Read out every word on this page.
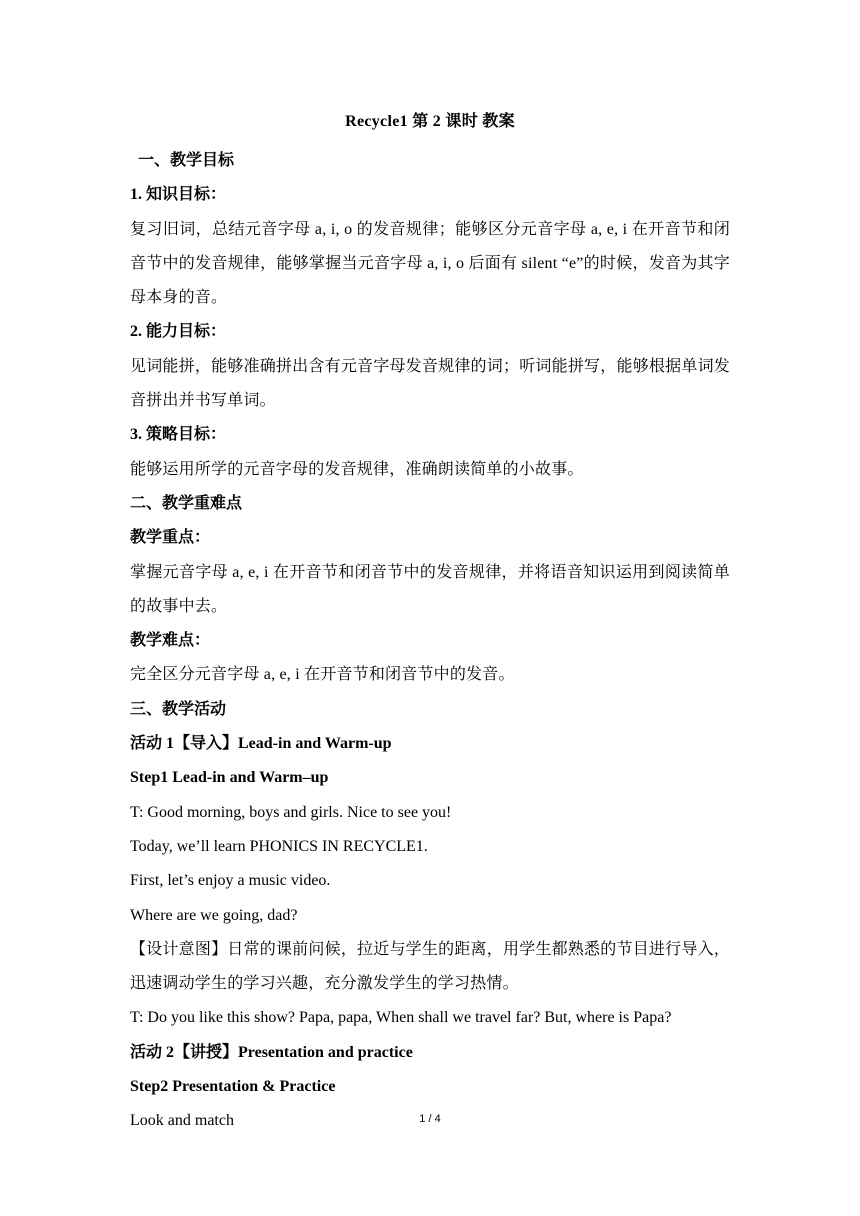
Recycle1 第 2 课时 教案

一、教学目标

1. 知识目标：

复习旧词，总结元音字母 a, i, o 的发音规律；能够区分元音字母 a, e, i 在开音节和闭音节中的发音规律，能够掌握当元音字母 a, i, o 后面有 silent “e”的时候，发音为其字母本身的音。

2. 能力目标：

见词能拼，能够准确拼出含有元音字母发音规律的词；听词能拼写，能够根据单词发音拼出并书写单词。

3. 策略目标：

能够运用所学的元音字母的发音规律，准确朗读简单的小故事。

二、教学重难点

教学重点：

掌握元音字母 a, e, i 在开音节和闭音节中的发音规律，并将语音知识运用到阅读简单的故事中去。

教学难点：

完全区分元音字母 a, e, i 在开音节和闭音节中的发音。

三、教学活动

活动 1【导入】Lead-in and Warm-up

Step1 Lead-in and Warm–up

T: Good morning, boys and girls. Nice to see you!

Today, we’ll learn PHONICS IN RECYCLE1.

First, let’s enjoy a music video.

Where are we going, dad?

【设计意图】日常的课前问候，拉近与学生的距离，用学生都熟悉的节目进行导入，迅速调动学生的学习兴趣，充分激发学生的学习热情。

T: Do you like this show? Papa, papa, When shall we travel far? But, where is Papa?

活动 2【讲授】Presentation and practice

Step2 Presentation & Practice

Look and match	1 / 4
